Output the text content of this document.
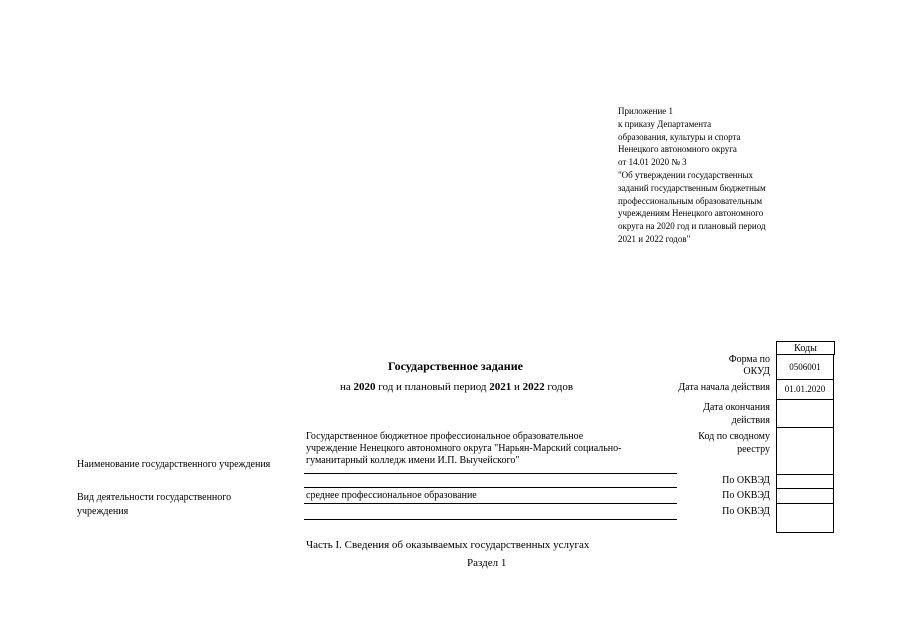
Приложение 1
к приказу Департамента
образования, культуры и спорта
Ненецкого автономного округа
от 14.01 2020 № 3
"Об утверждении государственных
заданий государственным бюджетным
профессиональным образовательным
учреждениям Ненецкого автономного
округа на 2020 год и плановый период
2021 и 2022 годов"
Государственное задание
на 2020 год и плановый период 2021 и 2022 годов
Наименование государственного учреждения
Государственное бюджетное профессиональное образовательное
учреждение Ненецкого автономного округа "Нарьян-Марский социально-
гуманитарный колледж имени И.П. Выучейского"
Вид деятельности государственного
учреждения
среднее профессиональное образование
Форма по
ОКУД
Дата начала действия
Дата окончания
действия
Код по сводному
реестру
По ОКВЭД
По ОКВЭД
По ОКВЭД
Коды
0506001
01.01.2020
Часть I. Сведения об оказываемых государственных услугах
Раздел 1
